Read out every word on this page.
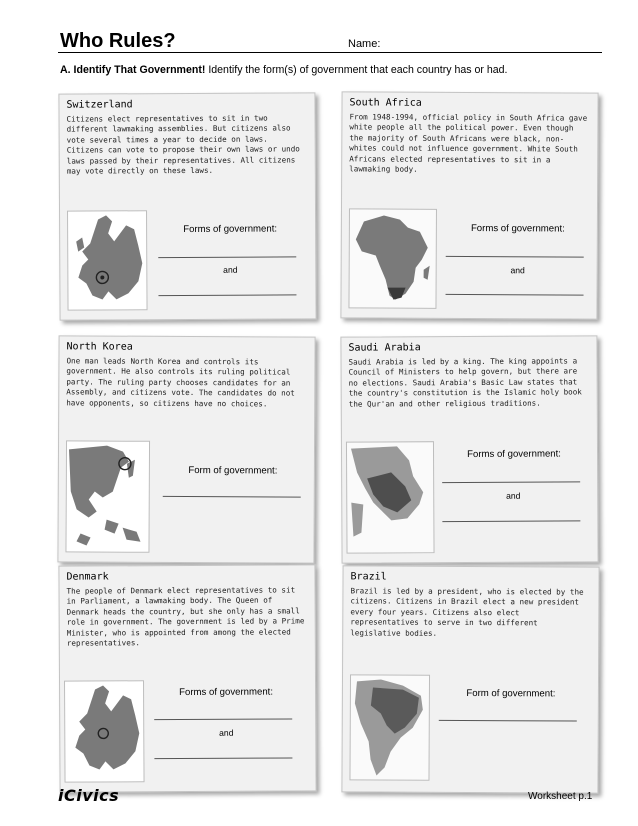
Who Rules?	Name:
A. Identify That Government! Identify the form(s) of government that each country has or had.
Switzerland
Citizens elect representatives to sit in two different lawmaking assemblies. But citizens also vote several times a year to decide on laws. Citizens can vote to propose their own laws or undo laws passed by their representatives. All citizens may vote directly on these laws.
Forms of government:
and
South Africa
From 1948-1994, official policy in South Africa gave white people all the political power. Even though the majority of South Africans were black, non-whites could not influence government. White South Africans elected representatives to sit in a lawmaking body.
Forms of government:
and
North Korea
One man leads North Korea and controls its government. He also controls its ruling political party. The ruling party chooses candidates for an Assembly, and citizens vote. The candidates do not have opponents, so citizens have no choices.
Form of government:
Saudi Arabia
Saudi Arabia is led by a king. The king appoints a Council of Ministers to help govern, but there are no elections. Saudi Arabia's Basic Law states that the country's constitution is the Islamic holy book the Qur'an and other religious traditions.
Forms of government:
and
Denmark
The people of Denmark elect representatives to sit in Parliament, a lawmaking body. The Queen of Denmark heads the country, but she only has a small role in government. The government is led by a Prime Minister, who is appointed from among the elected representatives.
Forms of government:
and
Brazil
Brazil is led by a president, who is elected by the citizens. Citizens in Brazil elect a new president every four years. Citizens also elect representatives to serve in two different legislative bodies.
Form of government:
iCivics	Worksheet p.1
